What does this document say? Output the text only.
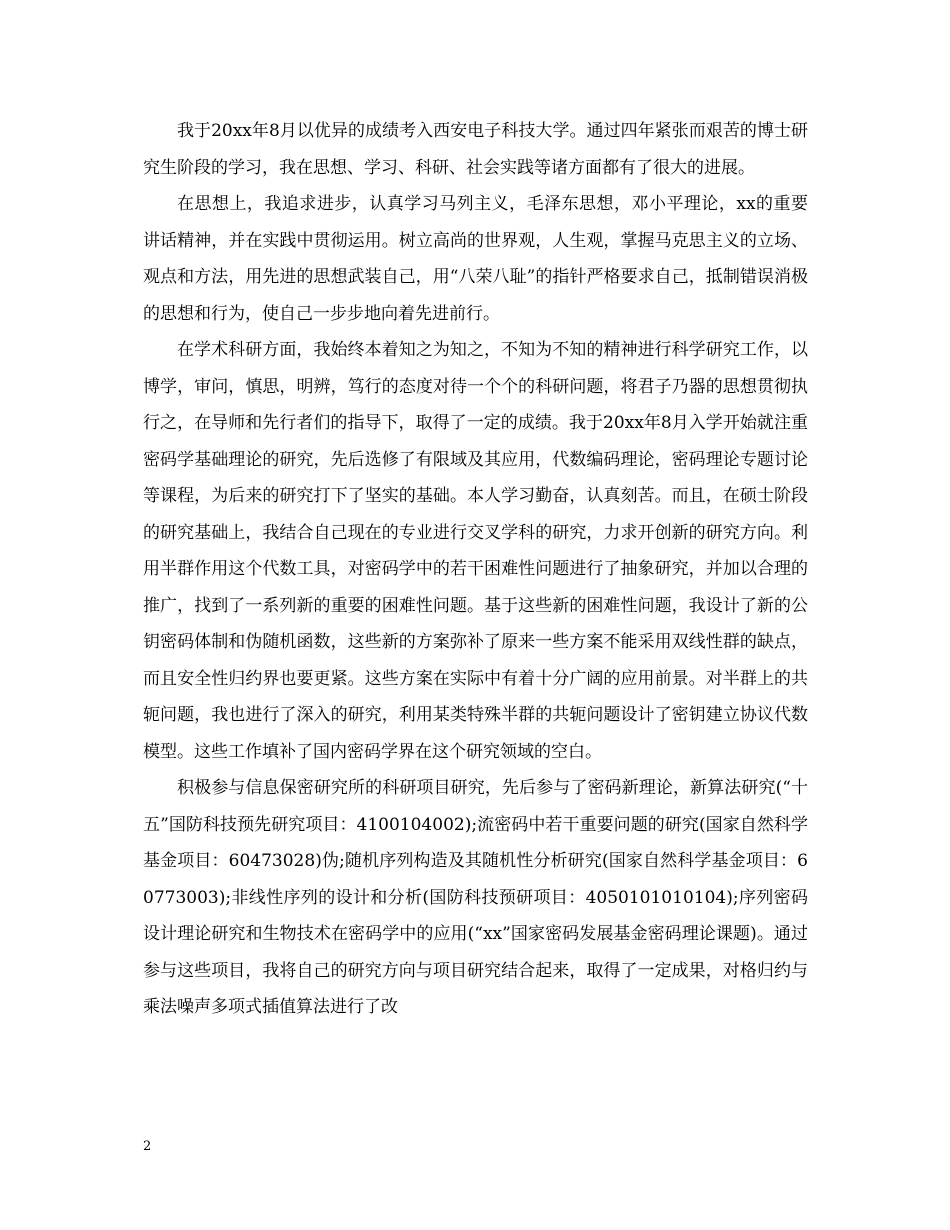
我于20xx年8月以优异的成绩考入西安电子科技大学。通过四年紧张而艰苦的博士研究生阶段的学习，我在思想、学习、科研、社会实践等诸方面都有了很大的进展。

在思想上，我追求进步，认真学习马列主义，毛泽东思想，邓小平理论，xx的重要讲话精神，并在实践中贯彻运用。树立高尚的世界观，人生观，掌握马克思主义的立场、观点和方法，用先进的思想武装自己，用“八荣八耻”的指针严格要求自己，抵制错误消极的思想和行为，使自己一步步地向着先进前行。

在学术科研方面，我始终本着知之为知之，不知为不知的精神进行科学研究工作，以博学，审问，慎思，明辨，笃行的态度对待一个个的科研问题，将君子乃器的思想贯彻执行之，在导师和先行者们的指导下，取得了一定的成绩。我于20xx年8月入学开始就注重密码学基础理论的研究，先后选修了有限域及其应用，代数编码理论，密码理论专题讨论等课程，为后来的研究打下了坚实的基础。本人学习勤奋，认真刻苦。而且，在硕士阶段的研究基础上，我结合自己现在的专业进行交叉学科的研究，力求开创新的研究方向。利用半群作用这个代数工具，对密码学中的若干困难性问题进行了抽象研究，并加以合理的推广，找到了一系列新的重要的困难性问题。基于这些新的困难性问题，我设计了新的公钥密码体制和伪随机函数，这些新的方案弥补了原来一些方案不能采用双线性群的缺点，而且安全性归约界也要更紧。这些方案在实际中有着十分广阔的应用前景。对半群上的共轭问题，我也进行了深入的研究，利用某类特殊半群的共轭问题设计了密钥建立协议代数模型。这些工作填补了国内密码学界在这个研究领域的空白。

积极参与信息保密研究所的科研项目研究，先后参与了密码新理论，新算法研究(“十五”国防科技预先研究项目：4100104002);流密码中若干重要问题的研究(国家自然科学基金项目：60473028)伪;随机序列构造及其随机性分析研究(国家自然科学基金项目：60773003);非线性序列的设计和分析(国防科技预研项目：4050101010104);序列密码设计理论研究和生物技术在密码学中的应用(“xx”国家密码发展基金密码理论课题)。通过参与这些项目，我将自己的研究方向与项目研究结合起来，取得了一定成果，对格归约与乘法噪声多项式插值算法进行了改

2
